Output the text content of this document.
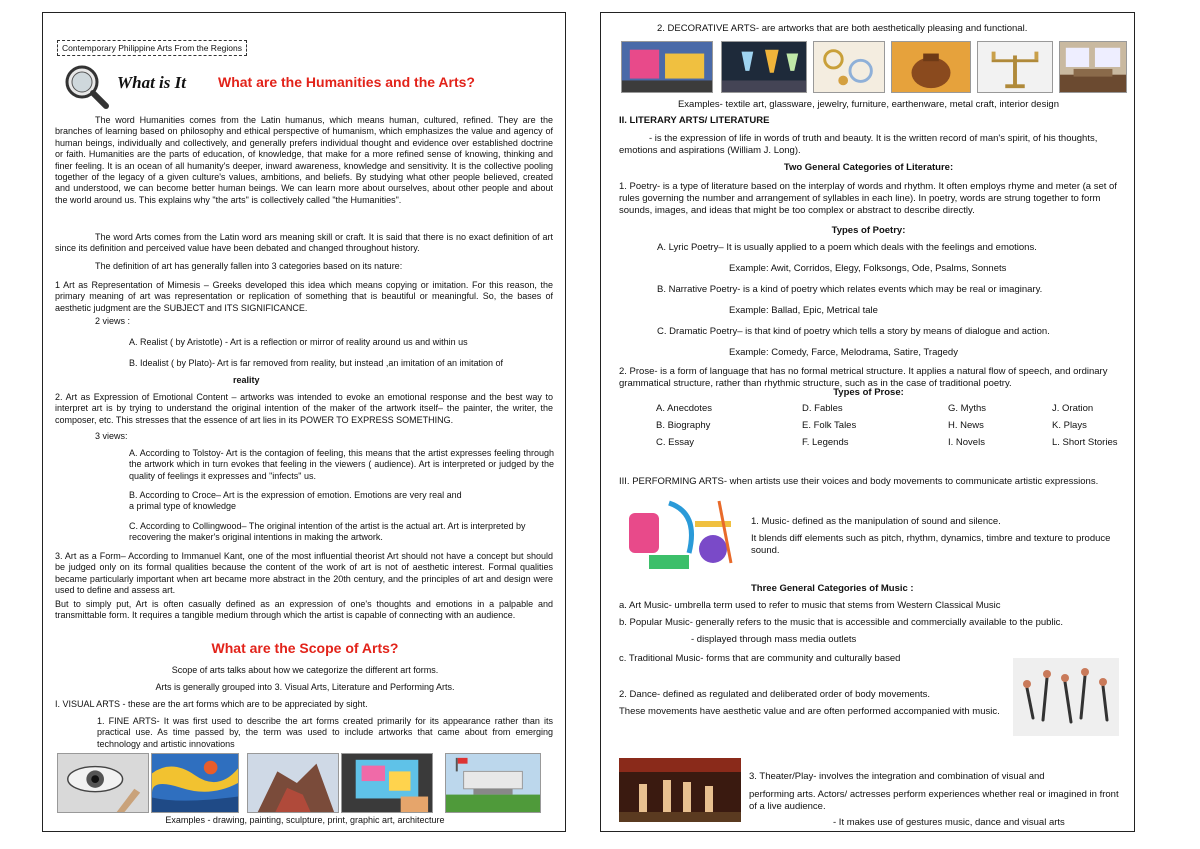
Contemporary Philippine Arts From the Regions
What is It What are the Humanities and the Arts?
The word Humanities comes from the Latin humanus, which means human, cultured, refined. They are the branches of learning based on philosophy and ethical perspective of humanism, which emphasizes the value and agency of human beings, individually and collectively, and generally prefers individual thought and evidence over established doctrine or faith. Humanities are the parts of education, of knowledge, that make for a more refined sense of knowing, thinking and finer feeling. It is an ocean of all humanity's deeper, inward awareness, knowledge and sensitivity. It is the collective pooling together of the legacy of a given culture's values, ambitions, and beliefs. By studying what other people believed, created and understood, we can become better human beings. We can learn more about ourselves, about other people and about the world around us. This explains why "the arts" is collectively called "the Humanities".
The word Arts comes from the Latin word ars meaning skill or craft. It is said that there is no exact definition of art since its definition and perceived value have been debated and changed throughout history.
The definition of art has generally fallen into 3 categories based on its nature:
1 Art as Representation of Mimesis – Greeks developed this idea which means copying or imitation. For this reason, the primary meaning of art was representation or replication of something that is beautiful or meaningful. So, the bases of aesthetic judgment are the SUBJECT and ITS SIGNIFICANCE.
2 views :
A. Realist ( by Aristotle) - Art is a reflection or mirror of reality around us and within us
B. Idealist ( by Plato)- Art is far removed from reality, but instead ,an imitation of an imitation of
reality
2. Art as Expression of Emotional Content – artworks was intended to evoke an emotional response and the best way to interpret art is by trying to understand the original intention of the maker of the artwork itself– the painter, the writer, the composer, etc. This stresses that the essence of art lies in its POWER TO EXPRESS SOMETHING.
3 views:
A. According to Tolstoy- Art is the contagion of feeling, this means that the artist expresses feeling through the artwork which in turn evokes that feeling in the viewers ( audience). Art is interpreted or judged by the quality of feelings it expresses and "infects" us.
B. According to Croce– Art is the expression of emotion. Emotions are very real and a primal type of knowledge
C. According to Collingwood– The original intention of the artist is the actual art. Art is interpreted by recovering the maker's original intentions in making the artwork.
3. Art as a Form– According to Immanuel Kant, one of the most influential theorist Art should not have a concept but should be judged only on its formal qualities because the content of the work of art is not of aesthetic interest. Formal qualities became particularly important when art became more abstract in the 20th century, and the principles of art and design were used to define and assess art.
But to simply put, Art is often casually defined as an expression of one's thoughts and emotions in a palpable and transmittable form. It requires a tangible medium through which the artist is capable of connecting with an audience.
What are the Scope of Arts?
Scope of arts talks about how we categorize the different art forms.
Arts is generally grouped into 3. Visual Arts, Literature and Performing Arts.
I. VISUAL ARTS - these are the art forms which are to be appreciated by sight.
1. FINE ARTS- It was first used to describe the art forms created primarily for its appearance rather than its practical use. As time passed by, the term was used to include artworks that came about from emerging technology and artistic innovations
Examples - drawing, painting, sculpture, print, graphic art, architecture
2. DECORATIVE ARTS- are artworks that are both aesthetically pleasing and functional.
Examples- textile art, glassware, jewelry, furniture, earthenware, metal craft, interior design
II. LITERARY ARTS/ LITERATURE
- is the expression of life in words of truth and beauty. It is the written record of man's spirit, of his thoughts, emotions and aspirations (William J. Long).
Two General Categories of Literature:
1. Poetry- is a type of literature based on the interplay of words and rhythm. It often employs rhyme and meter (a set of rules governing the number and arrangement of syllables in each line). In poetry, words are strung together to form sounds, images, and ideas that might be too complex or abstract to describe directly.
Types of Poetry:
A. Lyric Poetry– It is usually applied to a poem which deals with the feelings and emotions.
Example: Awit, Corridos, Elegy, Folksongs, Ode, Psalms, Sonnets
B. Narrative Poetry- is a kind of poetry which relates events which may be real or imaginary.
Example: Ballad, Epic, Metrical tale
C. Dramatic Poetry– is that kind of poetry which tells a story by means of dialogue and action.
Example: Comedy, Farce, Melodrama, Satire, Tragedy
2. Prose- is a form of language that has no formal metrical structure. It applies a natural flow of speech, and ordinary grammatical structure, rather than rhythmic structure, such as in the case of traditional poetry.
Types of Prose:
A. Anecdotes	D. Fables	G. Myths	J. Oration
B. Biography	E. Folk Tales	H. News	K. Plays
C. Essay	F. Legends	I. Novels	L. Short Stories
III. PERFORMING ARTS- when artists use their voices and body movements to communicate artistic expressions.
1. Music- defined as the manipulation of sound and silence.
It blends diff elements such as pitch, rhythm, dynamics, timbre and texture to produce sound.
Three General Categories of Music :
a. Art Music- umbrella term used to refer to music that stems from Western Classical Music
b. Popular Music- generally refers to the music that is accessible and commercially available to the public.
- displayed through mass media outlets
c. Traditional Music- forms that are community and culturally based
2. Dance- defined as regulated and deliberated order of body movements.
These movements have aesthetic value and are often performed accompanied with music.
3. Theater/Play- involves the integration and combination of visual and
performing arts. Actors/ actresses perform experiences whether real or imagined in front of a live audience.
- It makes use of gestures music, dance and visual arts
